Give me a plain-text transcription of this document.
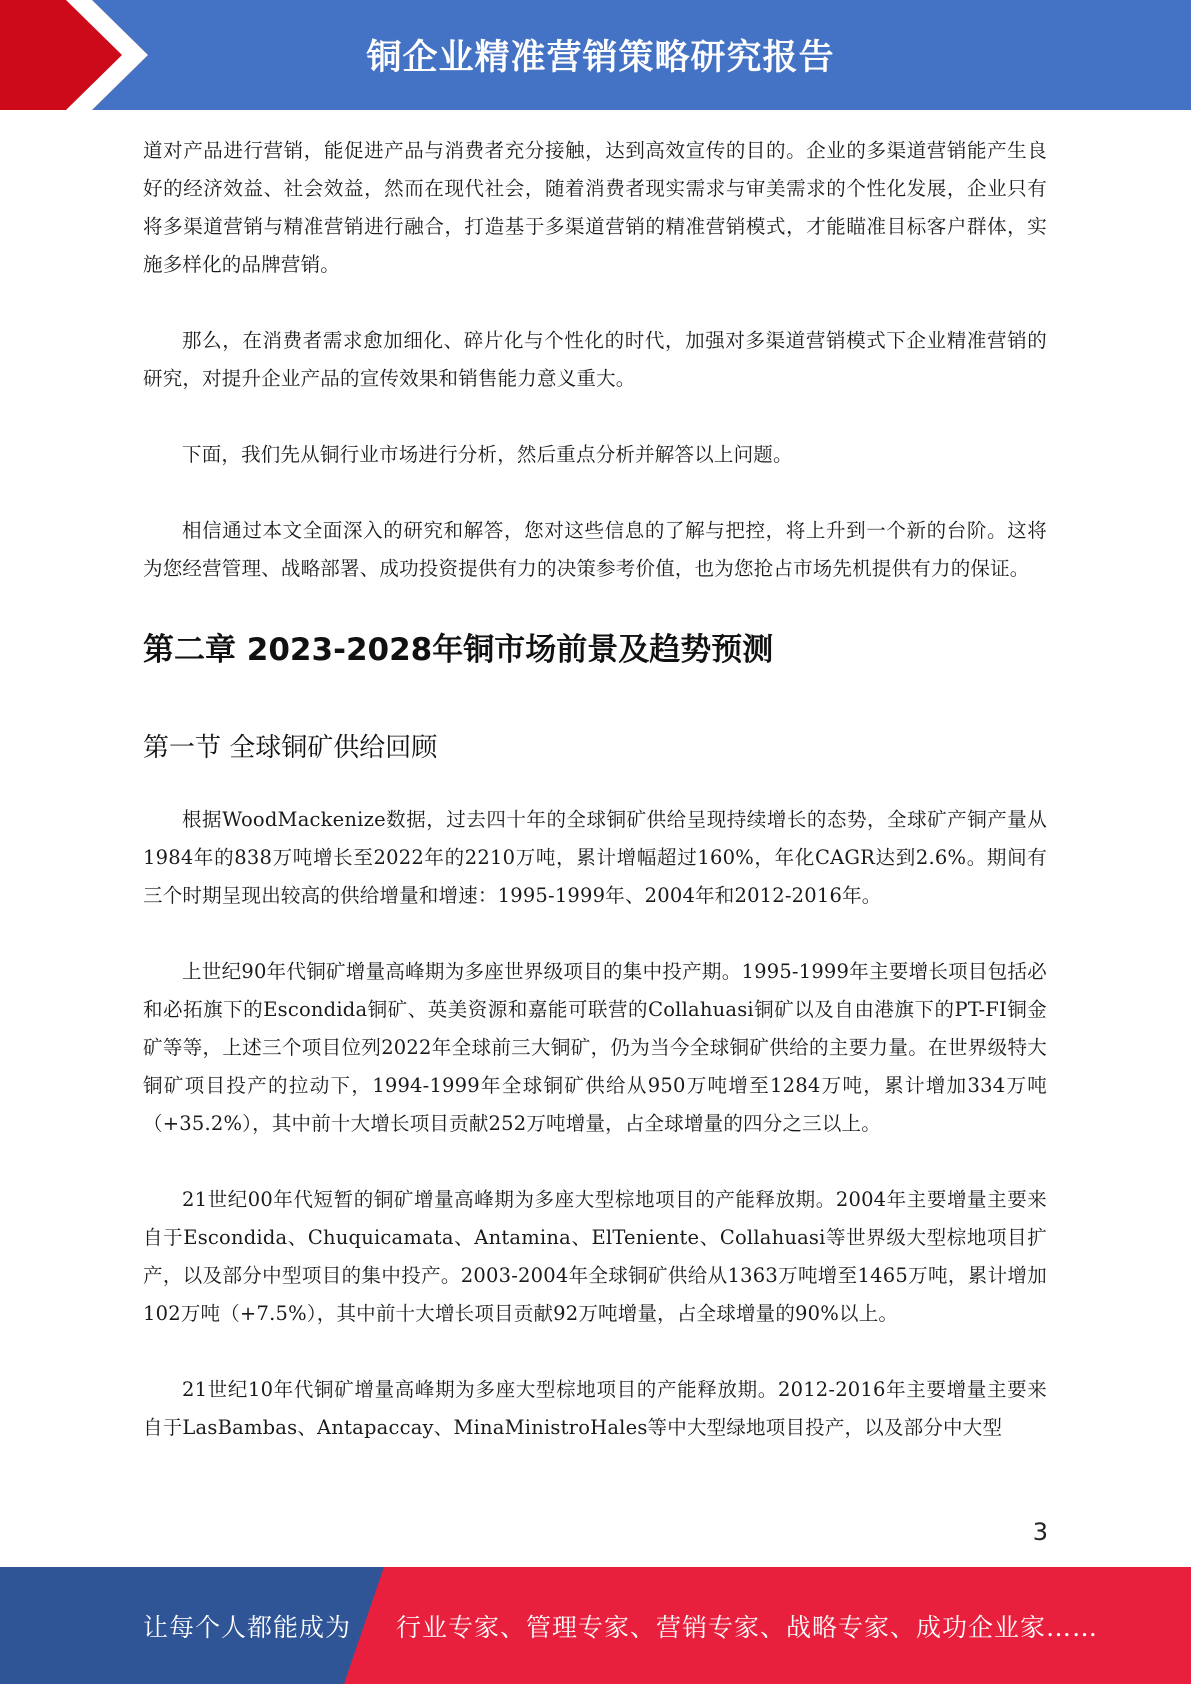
铜企业精准营销策略研究报告

道对产品进行营销，能促进产品与消费者充分接触，达到高效宣传的目的。企业的多渠道营销能产生良好的经济效益、社会效益，然而在现代社会，随着消费者现实需求与审美需求的个性化发展，企业只有将多渠道营销与精准营销进行融合，打造基于多渠道营销的精准营销模式，才能瞄准目标客户群体，实施多样化的品牌营销。

那么，在消费者需求愈加细化、碎片化与个性化的时代，加强对多渠道营销模式下企业精准营销的研究，对提升企业产品的宣传效果和销售能力意义重大。

下面，我们先从铜行业市场进行分析，然后重点分析并解答以上问题。

相信通过本文全面深入的研究和解答，您对这些信息的了解与把控，将上升到一个新的台阶。这将为您经营管理、战略部署、成功投资提供有力的决策参考价值，也为您抢占市场先机提供有力的保证。

第二章 2023-2028年铜市场前景及趋势预测
第一节 全球铜矿供给回顾

根据WoodMackenize数据，过去四十年的全球铜矿供给呈现持续增长的态势，全球矿产铜产量从1984年的838万吨增长至2022年的2210万吨，累计增幅超过160%，年化CAGR达到2.6%。期间有三个时期呈现出较高的供给增量和增速：1995-1999年、2004年和2012-2016年。

上世纪90年代铜矿增量高峰期为多座世界级项目的集中投产期。1995-1999年主要增长项目包括必和必拓旗下的Escondida铜矿、英美资源和嘉能可联营的Collahuasi铜矿以及自由港旗下的PT-FI铜金矿等等，上述三个项目位列2022年全球前三大铜矿，仍为当今全球铜矿供给的主要力量。在世界级特大铜矿项目投产的拉动下，1994-1999年全球铜矿供给从950万吨增至1284万吨，累计增加334万吨（+35.2%），其中前十大增长项目贡献252万吨增量，占全球增量的四分之三以上。

21世纪00年代短暂的铜矿增量高峰期为多座大型棕地项目的产能释放期。2004年主要增量主要来自于Escondida、Chuquicamata、Antamina、ElTeniente、Collahuasi等世界级大型棕地项目扩产，以及部分中型项目的集中投产。2003-2004年全球铜矿供给从1363万吨增至1465万吨，累计增加102万吨（+7.5%），其中前十大增长项目贡献92万吨增量，占全球增量的90%以上。

21世纪10年代铜矿增量高峰期为多座大型棕地项目的产能释放期。2012-2016年主要增量主要来自于LasBambas、Antapaccay、MinaMinistroHales等中大型绿地项目投产，以及部分中大型

3
让每个人都能成为 行业专家、管理专家、营销专家、战略专家、成功企业家……
